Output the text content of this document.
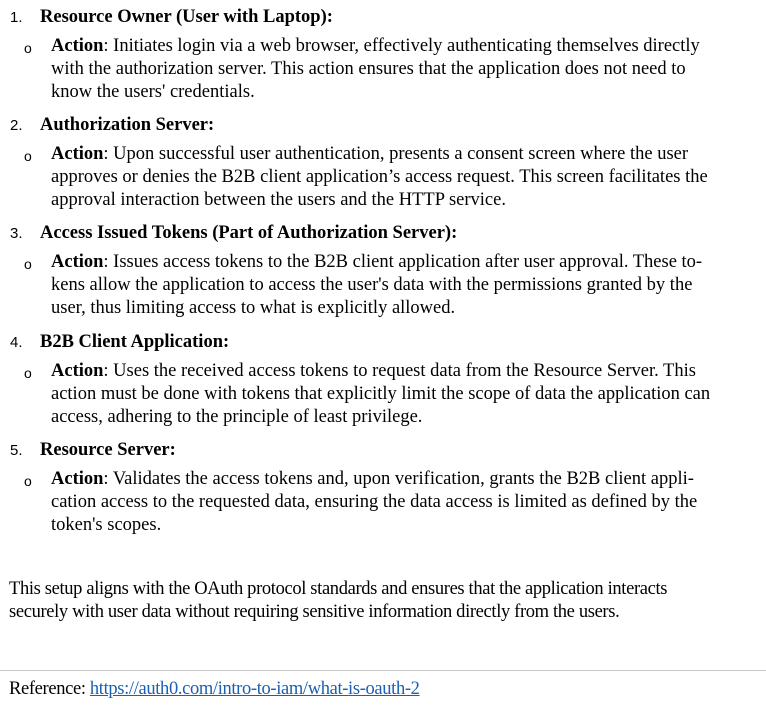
1. Resource Owner (User with Laptop):
o Action: Initiates login via a web browser, effectively authenticating themselves directly
with the authorization server. This action ensures that the application does not need to
know the users' credentials.
2. Authorization Server:
o Action: Upon successful user authentication, presents a consent screen where the user
approves or denies the B2B client application’s access request. This screen facilitates the
approval interaction between the users and the HTTP service.
3. Access Issued Tokens (Part of Authorization Server):
o Action: Issues access tokens to the B2B client application after user approval. These to-
kens allow the application to access the user's data with the permissions granted by the
user, thus limiting access to what is explicitly allowed.
4. B2B Client Application:
o Action: Uses the received access tokens to request data from the Resource Server. This
action must be done with tokens that explicitly limit the scope of data the application can
access, adhering to the principle of least privilege.
5. Resource Server:
o Action: Validates the access tokens and, upon verification, grants the B2B client appli-
cation access to the requested data, ensuring the data access is limited as defined by the
token's scopes.
This setup aligns with the OAuth protocol standards and ensures that the application interacts
securely with user data without requiring sensitive information directly from the users.
Reference: https://auth0.com/intro-to-iam/what-is-oauth-2
